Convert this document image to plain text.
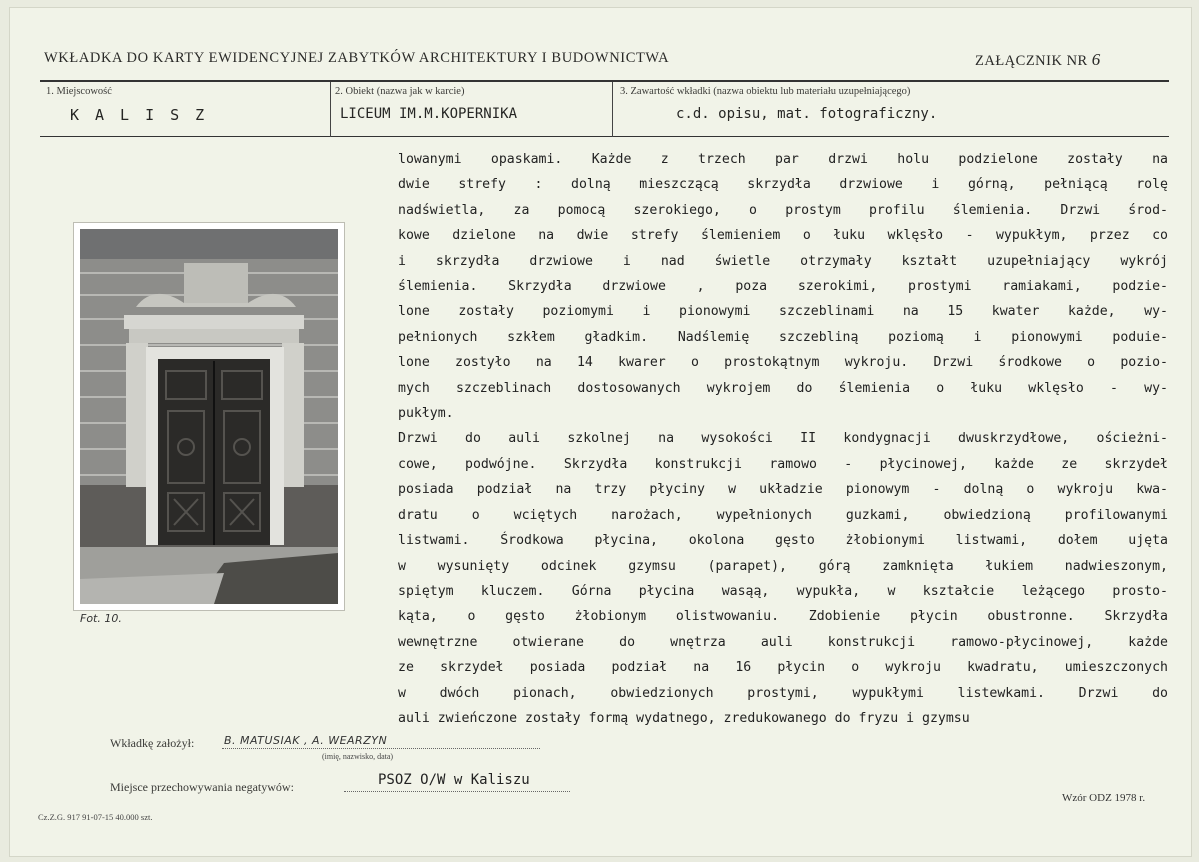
WKŁADKA DO KARTY EWIDENCYJNEJ ZABYTKÓW ARCHITEKTURY I BUDOWNICTWA	ZAŁĄCZNIK NR 6
1. Miejscowość
KALISZ
2. Obiekt (nazwa jak w karcie)
LICEUM IM.M.KOPERNIKA
3. Zawartość wkładki (nazwa obiektu lub materiału uzupełniającego)
c.d. opisu, mat. fotograficzny.
Fot. 10.
lowanymi opaskami. Każde z trzech par drzwi holu podzielone zostały na
dwie strefy : dolną mieszczącą skrzydła drzwiowe i górną, pełniącą rolę
nadświetla, za pomocą szerokiego, o prostym profilu ślemienia. Drzwi środ-
kowe dzielone na dwie strefy ślemieniem o łuku wklęsło - wypukłym, przez co
i skrzydła drzwiowe i nad świetle otrzymały kształt uzupełniający wykrój
ślemienia. Skrzydła drzwiowe , poza szerokimi, prostymi ramiakami, podzie-
lone zostały poziomymi i pionowymi szczeblinami na 15 kwater każde, wy-
pełnionych szkłem gładkim. Nadślemię szczebliną poziomą i pionowymi poduie-
lone zostyło na 14 kwarer o prostokątnym wykroju. Drzwi środkowe o pozio-
mych szczeblinach dostosowanych wykrojem do ślemienia o łuku wklęsło - wy-
pukłym.
Drzwi do auli szkolnej na wysokości II kondygnacji dwuskrzydłowe, ościeżni-
cowe, podwójne. Skrzydła konstrukcji ramowo - płycinowej, każde ze skrzydeł
posiada podział na trzy płyciny w układzie pionowym - dolną o wykroju kwa-
dratu o wciętych narożach, wypełnionych guzkami, obwiedzioną profilowanymi
listwami. Środkowa płycina, okolona gęsto żłobionymi listwami, dołem ujęta
w wysunięty odcinek gzymsu (parapet), górą zamknięta łukiem nadwieszonym,
spiętym kluczem. Górna płycina wasąą, wypukła, w kształcie leżącego prosto-
kąta, o gęsto żłobionym olistwowaniu. Zdobienie płycin obustronne. Skrzydła
wewnętrzne otwierane do wnętrza auli konstrukcji ramowo-płycinowej, każde
ze skrzydeł posiada podział na 16 płycin o wykroju kwadratu, umieszczonych
w dwóch pionach, obwiedzionych prostymi, wypukłymi listewkami. Drzwi do
auli zwieńczone zostały formą wydatnego, zredukowanego do fryzu i gzymsu
Wkładkę założył:	B. MATUSIAK , A. WEARZYN
(imię, nazwisko, data)
Miejsce przechowywania negatywów:	PSOZ O/W w Kaliszu
Wzór ODZ 1978 r.
Cz.Z.G. 917 91-07-15 40.000 szt.
